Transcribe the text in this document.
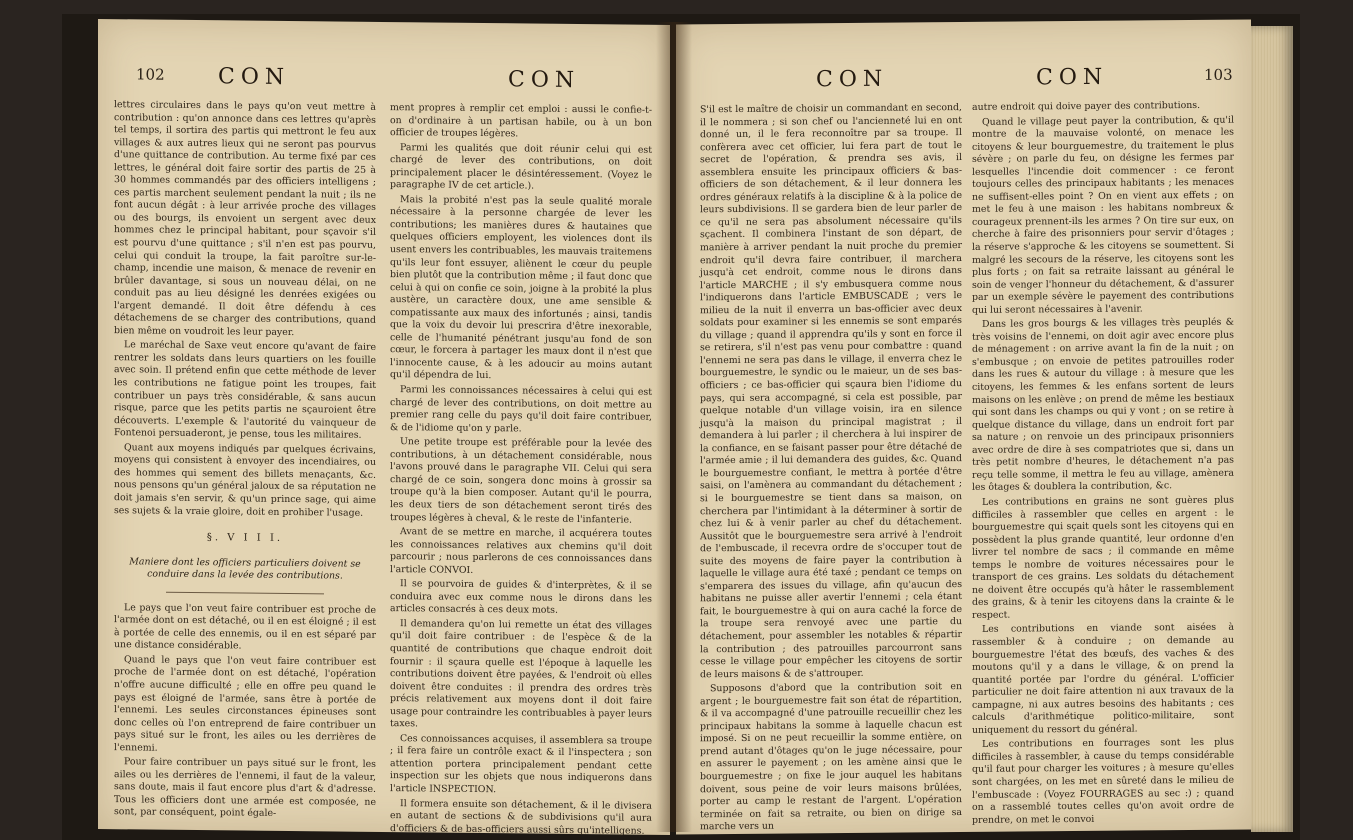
102 CON	CON

lettres circulaires dans le pays qu'on veut mettre à contribution : qu'on annonce dans ces lettres qu'après tel temps, il sortira des partis qui mettront le feu aux villages & aux autres lieux qui ne seront pas pourvus d'une quittance de contribution. Au terme fixé par ces lettres, le général doit faire sortir des partis de 25 à 30 hommes commandés par des officiers intelligens ; ces partis marchent seulement pendant la nuit ; ils ne font aucun dégât : à leur arrivée proche des villages ou des bourgs, ils envoient un sergent avec deux hommes chez le principal habitant, pour sçavoir s'il est pourvu d'une quittance ; s'il n'en est pas pourvu, celui qui conduit la troupe, la fait paroître sur-le-champ, incendie une maison, & menace de revenir en brûler davantage, si sous un nouveau délai, on ne conduit pas au lieu désigné les denrées exigées ou l'argent demandé. Il doit être défendu à ces détachemens de se charger des contributions, quand bien même on voudroit les leur payer.

Le maréchal de Saxe veut encore qu'avant de faire rentrer les soldats dans leurs quartiers on les fouille avec soin. Il prétend enfin que cette méthode de lever les contributions ne fatigue point les troupes, fait contribuer un pays très considérable, & sans aucun risque, parce que les petits partis ne sçauroient être découverts. L'exemple & l'autorité du vainqueur de Fontenoi persuaderont, je pense, tous les militaires.

Quant aux moyens indiqués par quelques écrivains, moyens qui consistent à envoyer des incendiaires, ou des hommes qui sement des billets menaçants, &c. nous pensons qu'un général jaloux de sa réputation ne doit jamais s'en servir, & qu'un prince sage, qui aime ses sujets & la vraie gloire, doit en prohiber l'usage.

§. V I I I.
Maniere dont les officiers particuliers doivent se conduire dans la levée des contributions.

Le pays que l'on veut faire contribuer est proche de l'armée dont on est détaché, ou il en est éloigné ; il est à portée de celle des ennemis, ou il en est séparé par une distance considérable.

Quand le pays que l'on veut faire contribuer est proche de l'armée dont on est détaché, l'opération n'offre aucune difficulté ; elle en offre peu quand le pays est éloigné de l'armée, sans être à portée de l'ennemi. Les seules circonstances épineuses sont donc celles où l'on entreprend de faire contribuer un pays situé sur le front, les ailes ou les derrières de l'ennemi.

Pour faire contribuer un pays situé sur le front, les ailes ou les derrières de l'ennemi, il faut de la valeur, sans doute, mais il faut encore plus d'art & d'adresse. Tous les officiers dont une armée est composée, ne sont, par conséquent, point égale-

ment propres à remplir cet emploi : aussi le confie-t-on d'ordinaire à un partisan habile, ou à un bon officier de troupes légères.

Parmi les qualités que doit réunir celui qui est chargé de lever des contributions, on doit principalement placer le désintéressement. (Voyez le paragraphe IV de cet article.).

Mais la probité n'est pas la seule qualité morale nécessaire à la personne chargée de lever les contributions; les manières dures & hautaines que quelques officiers employent, les violences dont ils usent envers les contribuables, les mauvais traitemens qu'ils leur font essuyer, aliènent le cœur du peuple bien plutôt que la contribution même ; il faut donc que celui à qui on confie ce soin, joigne à la probité la plus austère, un caractère doux, une ame sensible & compatissante aux maux des infortunés ; ainsi, tandis que la voix du devoir lui prescrira d'être inexorable, celle de l'humanité pénétrant jusqu'au fond de son cœur, le forcera à partager les maux dont il n'est que l'innocente cause, & à les adoucir au moins autant qu'il dépendra de lui.

Parmi les connoissances nécessaires à celui qui est chargé de lever des contributions, on doit mettre au premier rang celle du pays qu'il doit faire contribuer, & de l'idiome qu'on y parle.

Une petite troupe est préférable pour la levée des contributions, à un détachement considérable, nous l'avons prouvé dans le paragraphe VII. Celui qui sera chargé de ce soin, songera donc moins à grossir sa troupe qu'à la bien composer. Autant qu'il le pourra, les deux tiers de son détachement seront tirés des troupes légères à cheval, & le reste de l'infanterie.

Avant de se mettre en marche, il acquérera toutes les connoissances relatives aux chemins qu'il doit parcourir ; nous parlerons de ces connoissances dans l'article CONVOI.

Il se pourvoira de guides & d'interprètes, & il se conduira avec eux comme nous le dirons dans les articles consacrés à ces deux mots.

Il demandera qu'on lui remette un état des villages qu'il doit faire contribuer : de l'espèce & de la quantité de contributions que chaque endroit doit fournir : il sçaura quelle est l'époque à laquelle les contributions doivent être payées, & l'endroit où elles doivent être conduites : il prendra des ordres très précis relativement aux moyens dont il doit faire usage pour contraindre les contribuables à payer leurs taxes.

Ces connoissances acquises, il assemblera sa troupe ; il fera faire un contrôle exact & il l'inspectera ; son attention portera principalement pendant cette inspection sur les objets que nous indiquerons dans l'article INSPECTION.

Il formera ensuite son détachement, & il le divisera en autant de sections & de subdivisions qu'il aura d'officiers & de bas-officiers aussi sûrs qu'intelligens.

CON	CON	103

S'il est le maître de choisir un commandant en second, il le nommera ; si son chef ou l'ancienneté lui en ont donné un, il le fera reconnoître par sa troupe. Il confèrera avec cet officier, lui fera part de tout le secret de l'opération, & prendra ses avis, il assemblera ensuite les principaux officiers & bas-officiers de son détachement, & il leur donnera les ordres généraux relatifs à la discipline & à la police de leurs subdivisions. Il se gardera bien de leur parler de ce qu'il ne sera pas absolument nécessaire qu'ils sçachent. Il combinera l'instant de son départ, de manière à arriver pendant la nuit proche du premier endroit qu'il devra faire contribuer, il marchera jusqu'à cet endroit, comme nous le dirons dans l'article MARCHE ; il s'y embusquera comme nous l'indiquerons dans l'article EMBUSCADE ; vers le milieu de la nuit il enverra un bas-officier avec deux soldats pour examiner si les ennemis se sont emparés du village ; quand il apprendra qu'ils y sont en force il se retirera, s'il n'est pas venu pour combattre : quand l'ennemi ne sera pas dans le village, il enverra chez le bourguemestre, le syndic ou le maieur, un de ses bas-officiers ; ce bas-officier qui sçaura bien l'idiome du pays, qui sera accompagné, si cela est possible, par quelque notable d'un village voisin, ira en silence jusqu'à la maison du principal magistrat ; il demandera à lui parler ; il cherchera à lui inspirer de la confiance, en se faisant passer pour être détaché de l'armée amie ; il lui demandera des guides, &c. Quand le bourguemestre confiant, le mettra à portée d'être saisi, on l'amènera au commandant du détachement ; si le bourguemestre se tient dans sa maison, on cherchera par l'intimidant à la déterminer à sortir de chez lui & à venir parler au chef du détachement. Aussitôt que le bourguemestre sera arrivé à l'endroit de l'embuscade, il recevra ordre de s'occuper tout de suite des moyens de faire payer la contribution à laquelle le village aura été taxé ; pendant ce temps on s'emparera des issues du village, afin qu'aucun des habitans ne puisse aller avertir l'ennemi ; cela étant fait, le bourguemestre à qui on aura caché la force de la troupe sera renvoyé avec une partie du détachement, pour assembler les notables & répartir la contribution ; des patrouilles parcourront sans cesse le village pour empêcher les citoyens de sortir de leurs maisons & de s'attrouper.

Supposons d'abord que la contribution soit en argent ; le bourguemestre fait son état de répartition, & il va accompagné d'une patrouille recueillir chez les principaux habitans la somme à laquelle chacun est imposé. Si on ne peut recueillir la somme entière, on prend autant d'ôtages qu'on le juge nécessaire, pour en assurer le payement ; on les amène ainsi que le bourguemestre ; on fixe le jour auquel les habitans doivent, sous peine de voir leurs maisons brûlées, porter au camp le restant de l'argent. L'opération terminée on fait sa retraite, ou bien on dirige sa marche vers un

autre endroit qui doive payer des contributions.

Quand le village peut payer la contribution, & qu'il montre de la mauvaise volonté, on menace les citoyens & leur bourguemestre, du traitement le plus sévère ; on parle du feu, on désigne les fermes par lesquelles l'incendie doit commencer : ce feront toujours celles des principaux habitants ; les menaces ne suffisent-elles point ? On en vient aux effets ; on met le feu à une maison : les habitans nombreux & courageux prennent-ils les armes ? On tire sur eux, on cherche à faire des prisonniers pour servir d'ôtages ; la réserve s'approche & les citoyens se soumettent. Si malgré les secours de la réserve, les citoyens sont les plus forts ; on fait sa retraite laissant au général le soin de venger l'honneur du détachement, & d'assurer par un exemple sévère le payement des contributions qui lui seront nécessaires à l'avenir.

Dans les gros bourgs & les villages très peuplés & très voisins de l'ennemi, on doit agir avec encore plus de ménagement : on arrive avant la fin de la nuit ; on s'embusque ; on envoie de petites patrouilles roder dans les rues & autour du village : à mesure que les citoyens, les femmes & les enfans sortent de leurs maisons on les enlève ; on prend de même les bestiaux qui sont dans les champs ou qui y vont ; on se retire à quelque distance du village, dans un endroit fort par sa nature ; on renvoie un des principaux prisonniers avec ordre de dire à ses compatriotes que si, dans un très petit nombre d'heures, le détachement n'a pas reçu telle somme, il mettra le feu au village, amènera les ôtages & doublera la contribution, &c.

Les contributions en grains ne sont guères plus difficiles à rassembler que celles en argent : le bourguemestre qui sçait quels sont les citoyens qui en possèdent la plus grande quantité, leur ordonne d'en livrer tel nombre de sacs ; il commande en même temps le nombre de voitures nécessaires pour le transport de ces grains. Les soldats du détachement ne doivent être occupés qu'à hâter le rassemblement des grains, & à tenir les citoyens dans la crainte & le respect.

Les contributions en viande sont aisées à rassembler & à conduire ; on demande au bourguemestre l'état des bœufs, des vaches & des moutons qu'il y a dans le village, & on prend la quantité portée par l'ordre du général. L'officier particulier ne doit faire attention ni aux travaux de la campagne, ni aux autres besoins des habitants ; ces calculs d'arithmétique politico-militaire, sont uniquement du ressort du général.

Les contributions en fourrages sont les plus difficiles à rassembler, à cause du temps considérable qu'il faut pour charger les voitures ; à mesure qu'elles sont chargées, on les met en sûreté dans le milieu de l'embuscade : (Voyez FOURRAGES au sec :) ; quand on a rassemblé toutes celles qu'on avoit ordre de prendre, on met le convoi
